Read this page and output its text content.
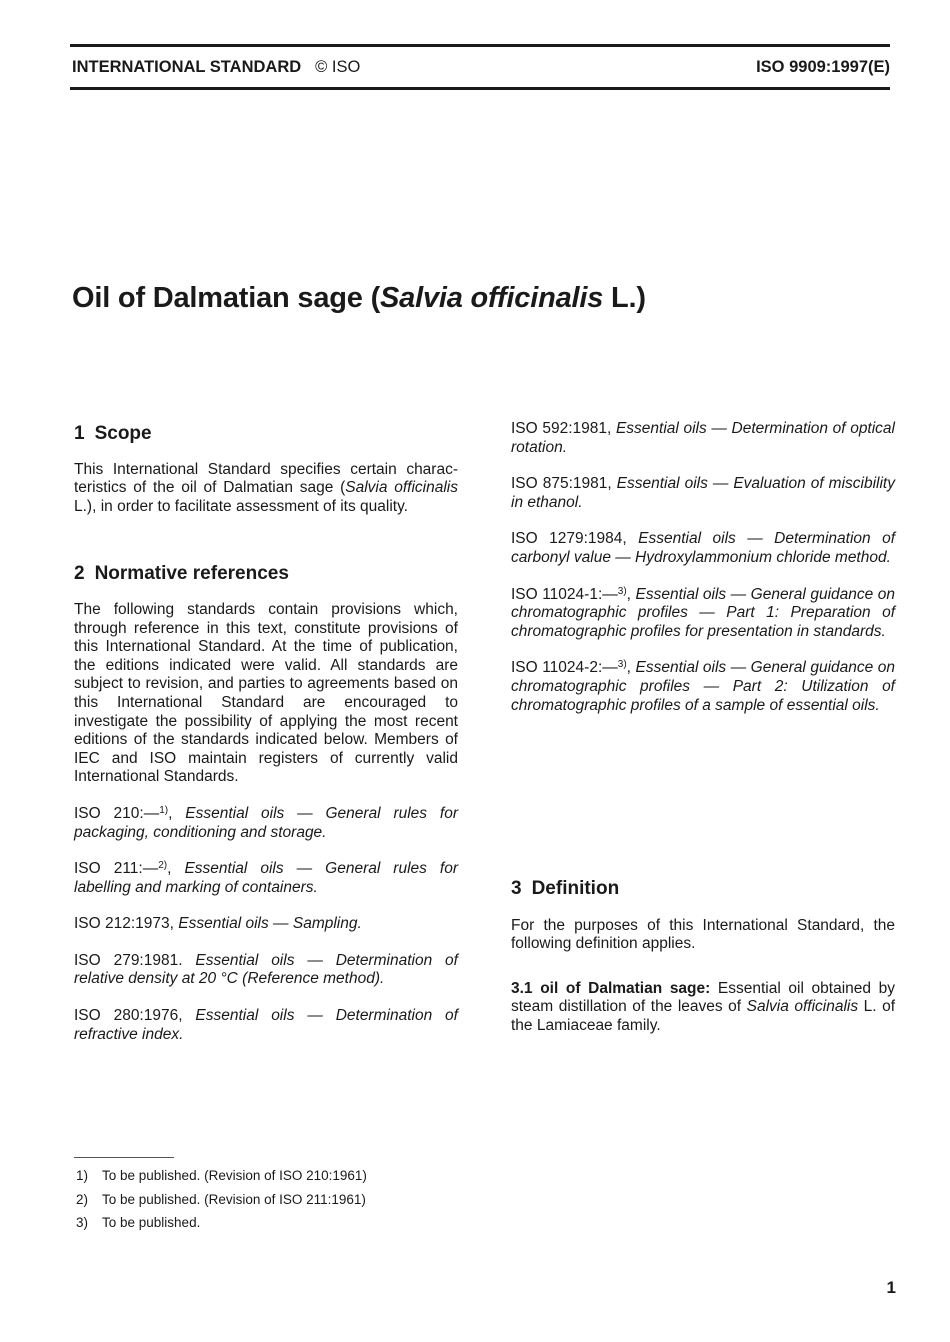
INTERNATIONAL STANDARD © ISO	ISO 9909:1997(E)
Oil of Dalmatian sage (Salvia officinalis L.)
1 Scope

This International Standard specifies certain charac-teristics of the oil of Dalmatian sage (Salvia officinalis L.), in order to facilitate assessment of its quality.

2 Normative references

The following standards contain provisions which, through reference in this text, constitute provisions of this International Standard. At the time of publication, the editions indicated were valid. All standards are subject to revision, and parties to agreements based on this International Standard are encouraged to investigate the possibility of applying the most recent editions of the standards indicated below. Members of IEC and ISO maintain registers of currently valid International Standards.

ISO 210:—$^{1)}$, Essential oils — General rules for packaging, conditioning and storage.

ISO 211:—$^{2)}$, Essential oils — General rules for labelling and marking of containers.

ISO 212:1973, Essential oils — Sampling.

ISO 279:1981. Essential oils — Determination of relative density at 20 °C (Reference method).

ISO 280:1976, Essential oils — Determination of refractive index.

ISO 592:1981, Essential oils — Determination of optical rotation.

ISO 875:1981, Essential oils — Evaluation of miscibility in ethanol.

ISO 1279:1984, Essential oils — Determination of carbonyl value — Hydroxylammonium chloride method.

ISO 11024-1:—$^{3)}$, Essential oils — General guidance on chromatographic profiles — Part 1: Preparation of chromatographic profiles for presentation in standards.

ISO 11024-2:—$^{3)}$, Essential oils — General guidance on chromatographic profiles — Part 2: Utilization of chromatographic profiles of a sample of essential oils.

3 Definition

For the purposes of this International Standard, the following definition applies.

3.1 oil of Dalmatian sage: Essential oil obtained by steam distillation of the leaves of Salvia officinalis L. of the Lamiaceae family.

1) To be published. (Revision of ISO 210:1961)
2) To be published. (Revision of ISO 211:1961)
3) To be published.
1
